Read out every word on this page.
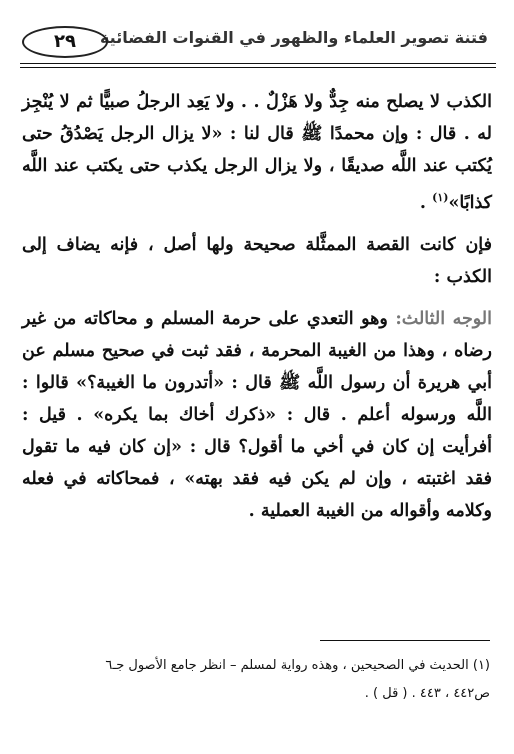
فتنة تصوير العلماء والظهور في القنوات الفضائية
٢٩

الكذب لا يصلح منه جِدٌّ ولا هَزْلٌ . . ولا يَعِد الرجلُ صبيًّا ثم لا يُنْجِز له . قال : وإن محمدًا ﷺ قال لنا : «لا يزال الرجل يَصْدُقُ حتى يُكتب عند اللَّه صديقًا ، ولا يزال الرجل يكذب حتى يكتب عند اللَّه كذابًا»$^{(١)}$ .

فإن كانت القصة الممثَّلة صحيحة ولها أصل ، فإنه يضاف إلى الكذب :

الوجه الثالث: وهو التعدي على حرمة المسلم و محاكاته من غير رضاه ، وهذا من الغيبة المحرمة ، فقد ثبت في صحيح مسلم عن أبي هريرة أن رسول اللَّه ﷺ قال : «أتدرون ما الغيبة؟» قالوا : اللَّه ورسوله أعلم . قال : «ذكرك أخاك بما يكره» . قيل : أفرأيت إن كان في أخي ما أقول؟ قال : «إن كان فيه ما تقول فقد اغتبته ، وإن لم يكن فيه فقد بهته» ، فمحاكاته في فعله وكلامه وأقواله من الغيبة العملية .

(١) الحديث في الصحيحين ، وهذه رواية لمسلم – انظر جامع الأصول جـ٦
ص٤٤٢ ، ٤٤٣ . ( قل ) .
